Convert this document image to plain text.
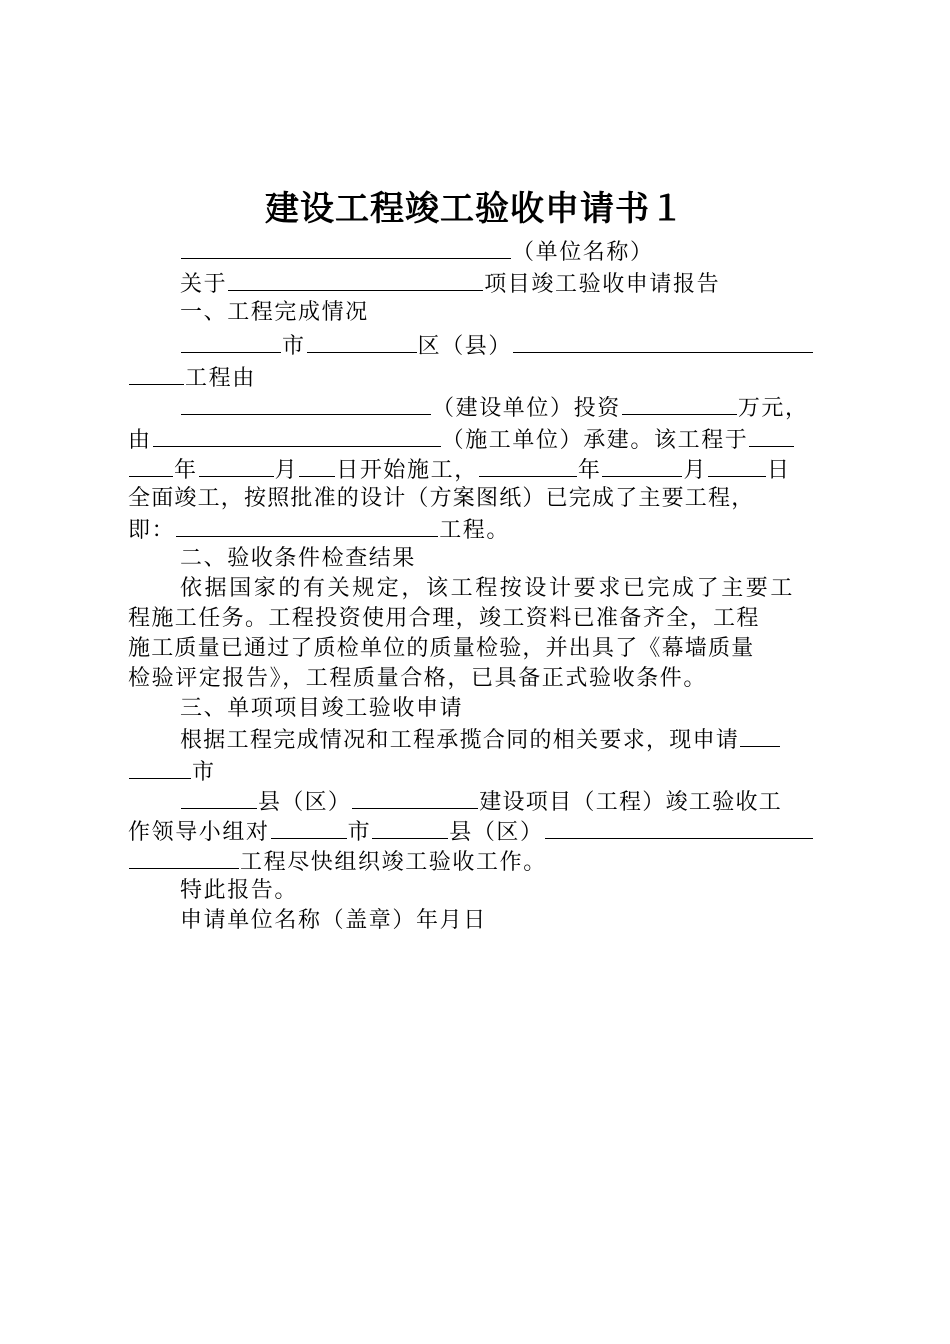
建设工程竣工验收申请书１
（单位名称）
关于	项目竣工验收申请报告
一、工程完成情况
市	区（县）
工程由
（建设单位）投资	万元，
由	（施工单位）承建。该工程于
年	月 日开始施工，	年	月	日
全面竣工，按照批准的设计（方案图纸）已完成了主要工程，
即：	工程。
二、验收条件检查结果
依据国家的有关规定，该工程按设计要求已完成了主要工
程施工任务。工程投资使用合理，竣工资料已准备齐全，工程
施工质量已通过了质检单位的质量检验，并出具了《幕墙质量
检验评定报告》，工程质量合格，已具备正式验收条件。
三、单项项目竣工验收申请
根据工程完成情况和工程承揽合同的相关要求，现申请
市
县（区）	建设项目（工程）竣工验收工
作领导小组对	市	县（区）
工程尽快组织竣工验收工作。
特此报告。
申请单位名称（盖章）年月日
